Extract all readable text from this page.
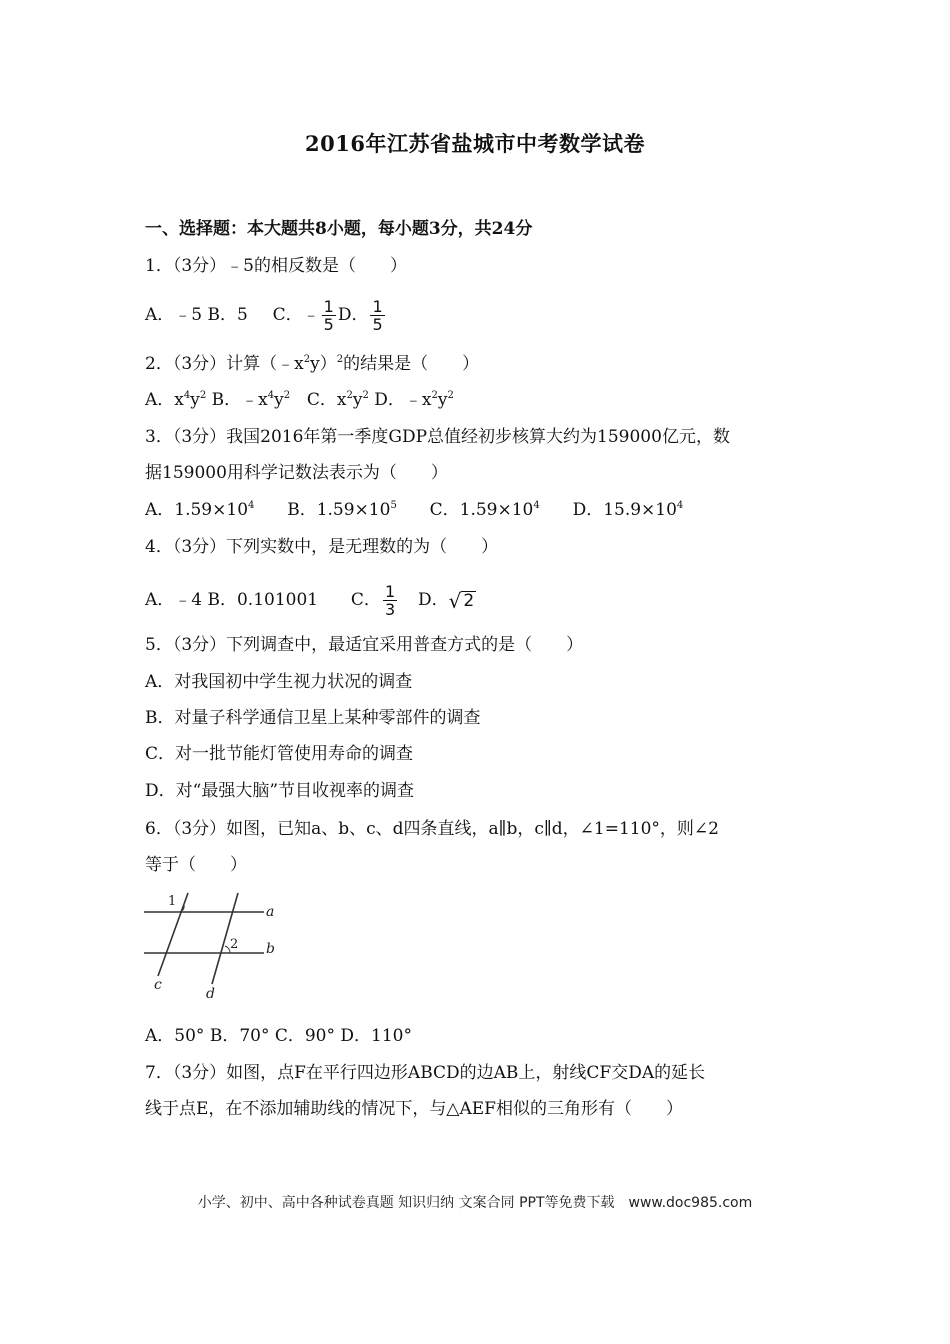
2016年江苏省盐城市中考数学试卷
一、选择题：本大题共8小题，每小题3分，共24分
1．（3分）﹣5的相反数是（　　）
A．﹣5 B．5 C．﹣ $\frac{1}{5}$ D． $\frac{1}{5}$
2．（3分）计算$(﹣x^2y)^2$的结果是（　　）
A．$x^4y^2$ B．$﹣x^4y^2$ C．$x^2y^2$ D．$﹣x^2y^2$
3．（3分）我国2016年第一季度GDP总值经初步核算大约为159000亿元，数
据159000用科学记数法表示为（　　）
A．$1.59\times 10^4$ B．$1.59\times 10^5$ C．$1.59\times 10^4$ D．$15.9\times 10^4$
4．（3分）下列实数中，是无理数的为（　　）
A．﹣4 B．0.101001 C． $\frac{1}{3}$ D． √ 2
5．（3分）下列调查中，最适宜采用普查方式的是（　　）
A．对我国初中学生视力状况的调查
B．对量子科学通信卫星上某种零部件的调查
C．对一批节能灯管使用寿命的调查
D．对“最强大脑”节目收视率的调查
6．（3分）如图，已知a、b、c、d四条直线，a∥b，c∥d，∠1=110°，则∠2
等于（　　）
1
2
a
b
c
d
A．50° B．70° C．90° D．110°
7．（3分）如图，点F在平行四边形ABCD的边AB上，射线CF交DA的延长
线于点E，在不添加辅助线的情况下，与△AEF相似的三角形有（　　）
小学、初中、高中各种试卷真题 知识归纳 文案合同 PPT等免费下载　www.doc985.com
